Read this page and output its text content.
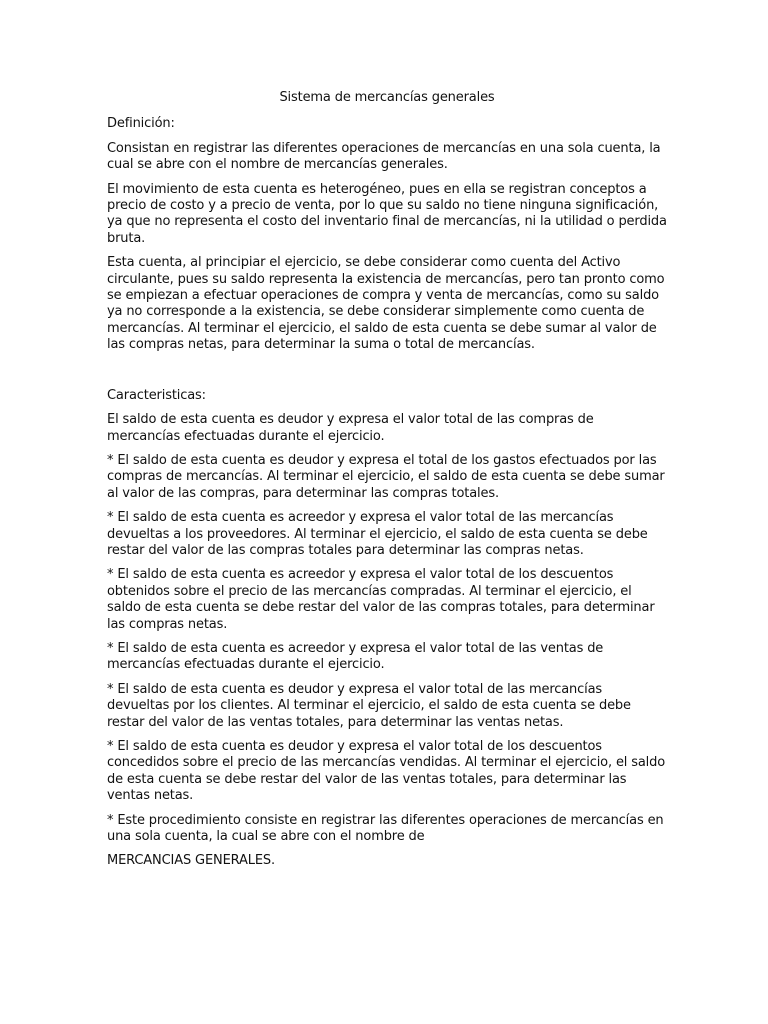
Sistema de mercancías generales

Definición:

Consistan en registrar las diferentes operaciones de mercancías en una sola cuenta, la cual se abre con el nombre de mercancías generales.

El movimiento de esta cuenta es heterogéneo, pues en ella se registran conceptos a precio de costo y a precio de venta, por lo que su saldo no tiene ninguna significación, ya que no representa el costo del inventario final de mercancías, ni la utilidad o perdida bruta.

Esta cuenta, al principiar el ejercicio, se debe considerar como cuenta del Activo circulante, pues su saldo representa la existencia de mercancías, pero tan pronto como se empiezan a efectuar operaciones de compra y venta de mercancías, como su saldo ya no corresponde a la existencia, se debe considerar simplemente como cuenta de mercancías. Al terminar el ejercicio, el saldo de esta cuenta se debe sumar al valor de las compras netas, para determinar la suma o total de mercancías.

Caracteristicas:

El saldo de esta cuenta es deudor y expresa el valor total de las compras de mercancías efectuadas durante el ejercicio.

* El saldo de esta cuenta es deudor y expresa el total de los gastos efectuados por las compras de mercancías. Al terminar el ejercicio, el saldo de esta cuenta se debe sumar al valor de las compras, para determinar las compras totales.

* El saldo de esta cuenta es acreedor y expresa el valor total de las mercancías devueltas a los proveedores. Al terminar el ejercicio, el saldo de esta cuenta se debe restar del valor de las compras totales para determinar las compras netas.

* El saldo de esta cuenta es acreedor y expresa el valor total de los descuentos obtenidos sobre el precio de las mercancías compradas. Al terminar el ejercicio, el saldo de esta cuenta se debe restar del valor de las compras totales, para determinar las compras netas.

* El saldo de esta cuenta es acreedor y expresa el valor total de las ventas de mercancías efectuadas durante el ejercicio.

* El saldo de esta cuenta es deudor y expresa el valor total de las mercancías devueltas por los clientes. Al terminar el ejercicio, el saldo de esta cuenta se debe restar del valor de las ventas totales, para determinar las ventas netas.

* El saldo de esta cuenta es deudor y expresa el valor total de los descuentos concedidos sobre el precio de las mercancías vendidas. Al terminar el ejercicio, el saldo de esta cuenta se debe restar del valor de las ventas totales, para determinar las ventas netas.

* Este procedimiento consiste en registrar las diferentes operaciones de mercancías en una sola cuenta, la cual se abre con el nombre de

MERCANCIAS GENERALES.
